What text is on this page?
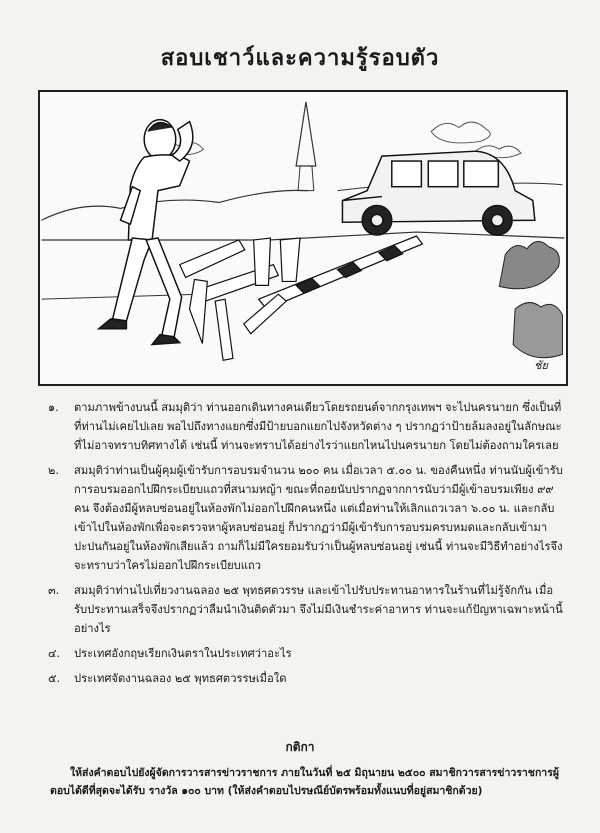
สอบเชาว์และความรู้รอบตัว
ชัย
๑.	ตามภาพข้างบนนี้ สมมุติว่า ท่านออกเดินทางคนเดียวโดยรถยนต์จากกรุงเทพฯ จะไปนครนายก ซึ่งเป็นที่ที่ท่านไม่เคยไปเลย พอไปถึงทางแยกซึ่งมีป้ายบอกแยกไปจังหวัดต่าง ๆ ปรากฏว่าป้ายล้มลงอยู่ในลักษณะที่ไม่อาจทราบทิศทางได้ เช่นนี้ ท่านจะทราบได้อย่างไรว่าแยกไหนไปนครนายก โดยไม่ต้องถามใครเลย
๒.	สมมุติว่าท่านเป็นผู้คุมผู้เข้ารับการอบรมจำนวน ๒๐๐ คน เมื่อเวลา ๕.๐๐ น. ของคืนหนึ่ง ท่านนับผู้เข้ารับการอบรมออกไปฝึกระเบียบแถวที่สนามหญ้า ขณะที่ถอยนับปรากฏจากการนับว่ามีผู้เข้าอบรมเพียง ๙๙ คน จึงต้องมีผู้หลบซ่อนอยู่ในห้องพักไม่ออกไปฝึกคนหนึ่ง แต่เมื่อท่านให้เลิกแถวเวลา ๖.๐๐ น. และกลับเข้าไปในห้องพักเพื่อจะตรวจหาผู้หลบซ่อนอยู่ ก็ปรากฏว่ามีผู้เข้ารับการอบรมครบหมดและกลับเข้ามาปะปนกันอยู่ในห้องพักเสียแล้ว ถามก็ไม่มีใครยอมรับว่าเป็นผู้หลบซ่อนอยู่ เช่นนี้ ท่านจะมีวิธีทำอย่างไรจึงจะทราบว่าใครไม่ออกไปฝึกระเบียบแถว
๓.	สมมุติว่าท่านไปเที่ยวงานฉลอง ๒๕ พุทธศตวรรษ และเข้าไปรับประทานอาหารในร้านที่ไม่รู้จักกัน เมื่อรับประทานเสร็จจึงปรากฏว่าลืมนำเงินติดตัวมา จึงไม่มีเงินชำระค่าอาหาร ท่านจะแก้ปัญหาเฉพาะหน้านี้อย่างไร
๔.	ประเทศอังกฤษเรียกเงินตราในประเทศว่าอะไร
๕.	ประเทศจัดงานฉลอง ๒๕ พุทธศตวรรษเมื่อใด
กติกา
ให้ส่งคำตอบไปยังผู้จัดการวารสารข่าวราชการ ภายในวันที่ ๒๕ มิถุนายน ๒๕๐๐ สมาชิกวารสารข่าวราชการผู้ตอบได้ดีที่สุดจะได้รับ รางวัล ๑๐๐ บาท (ให้ส่งคำตอบไปรษณีย์บัตรพร้อมทั้งแนบที่อยู่สมาชิกด้วย)
